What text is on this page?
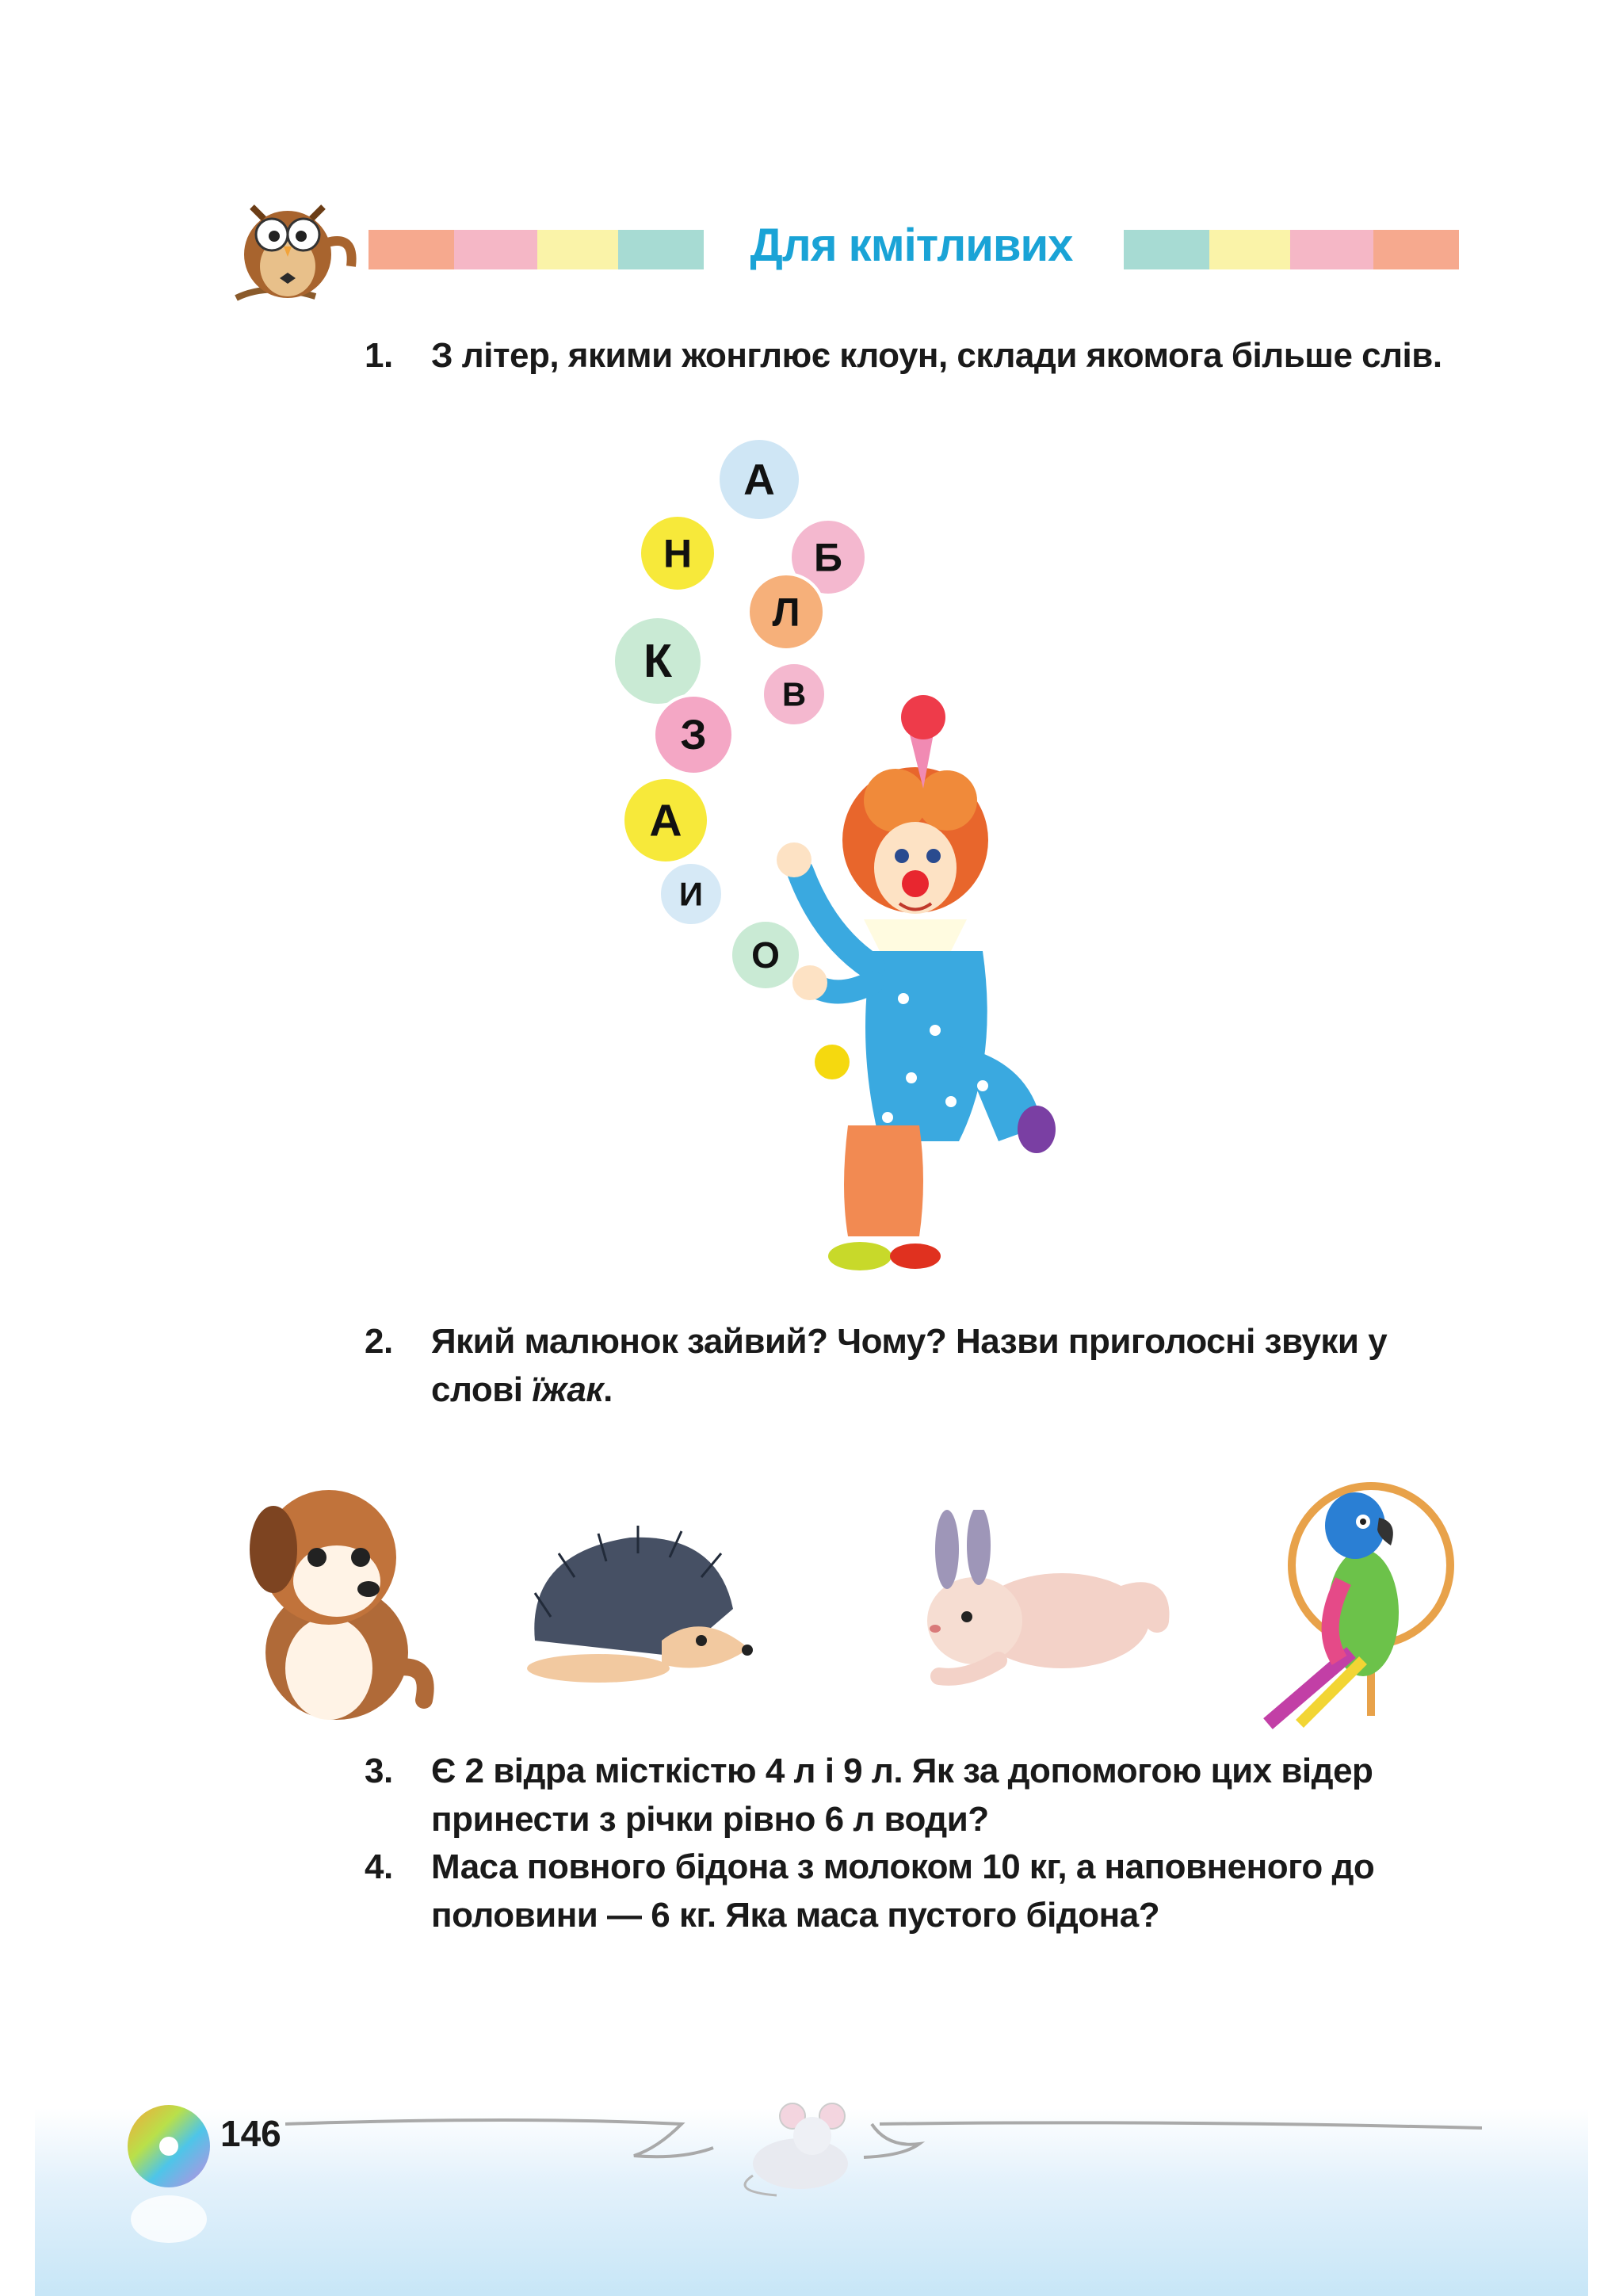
Для кмітливих
1.	З літер, якими жонглює клоун, склади якомога більше слів.
А
Н	Б
Л
К
В
З
А
И
О
2.	Який малюнок зайвий? Чому? Назви приголосні звуки у слові їжак.
3.	Є 2 відра місткістю 4 л і 9 л. Як за допомогою цих відер принести з річки рівно 6 л води?
4.	Маса повного бідона з молоком 10 кг, а наповненого до половини — 6 кг. Яка маса пустого бідона?
146
